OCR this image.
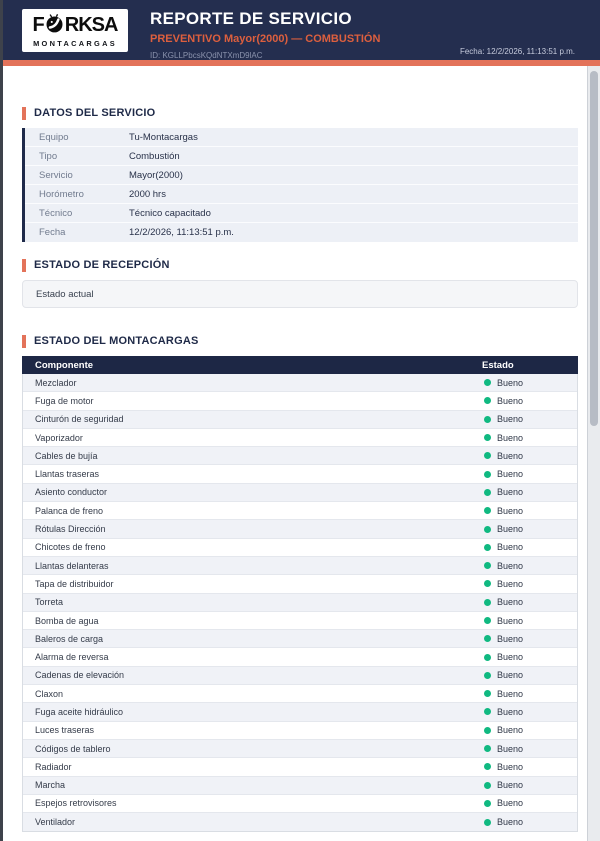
F RKSA
MONTACARGAS
REPORTE DE SERVICIO
PREVENTIVO Mayor(2000) — COMBUSTIÓN
ID: KGLLPbcsKQdNTXmD9lAC	Fecha: 12/2/2026, 11:13:51 p.m.
DATOS DEL SERVICIO
Equipo	Tu-Montacargas
Tipo	Combustión
Servicio	Mayor(2000)
Horómetro	2000 hrs
Técnico	Técnico capacitado
Fecha	12/2/2026, 11:13:51 p.m.
ESTADO DE RECEPCIÓN
Estado actual
ESTADO DEL MONTACARGAS
Componente	Estado
Mezclador	Bueno
Fuga de motor	Bueno
Cinturón de seguridad	Bueno
Vaporizador	Bueno
Cables de bujía	Bueno
Llantas traseras	Bueno
Asiento conductor	Bueno
Palanca de freno	Bueno
Rótulas Dirección	Bueno
Chicotes de freno	Bueno
Llantas delanteras	Bueno
Tapa de distribuidor	Bueno
Torreta	Bueno
Bomba de agua	Bueno
Baleros de carga	Bueno
Alarma de reversa	Bueno
Cadenas de elevación	Bueno
Claxon	Bueno
Fuga aceite hidráulico	Bueno
Luces traseras	Bueno
Códigos de tablero	Bueno
Radiador	Bueno
Marcha	Bueno
Espejos retrovisores	Bueno
Ventilador	Bueno
